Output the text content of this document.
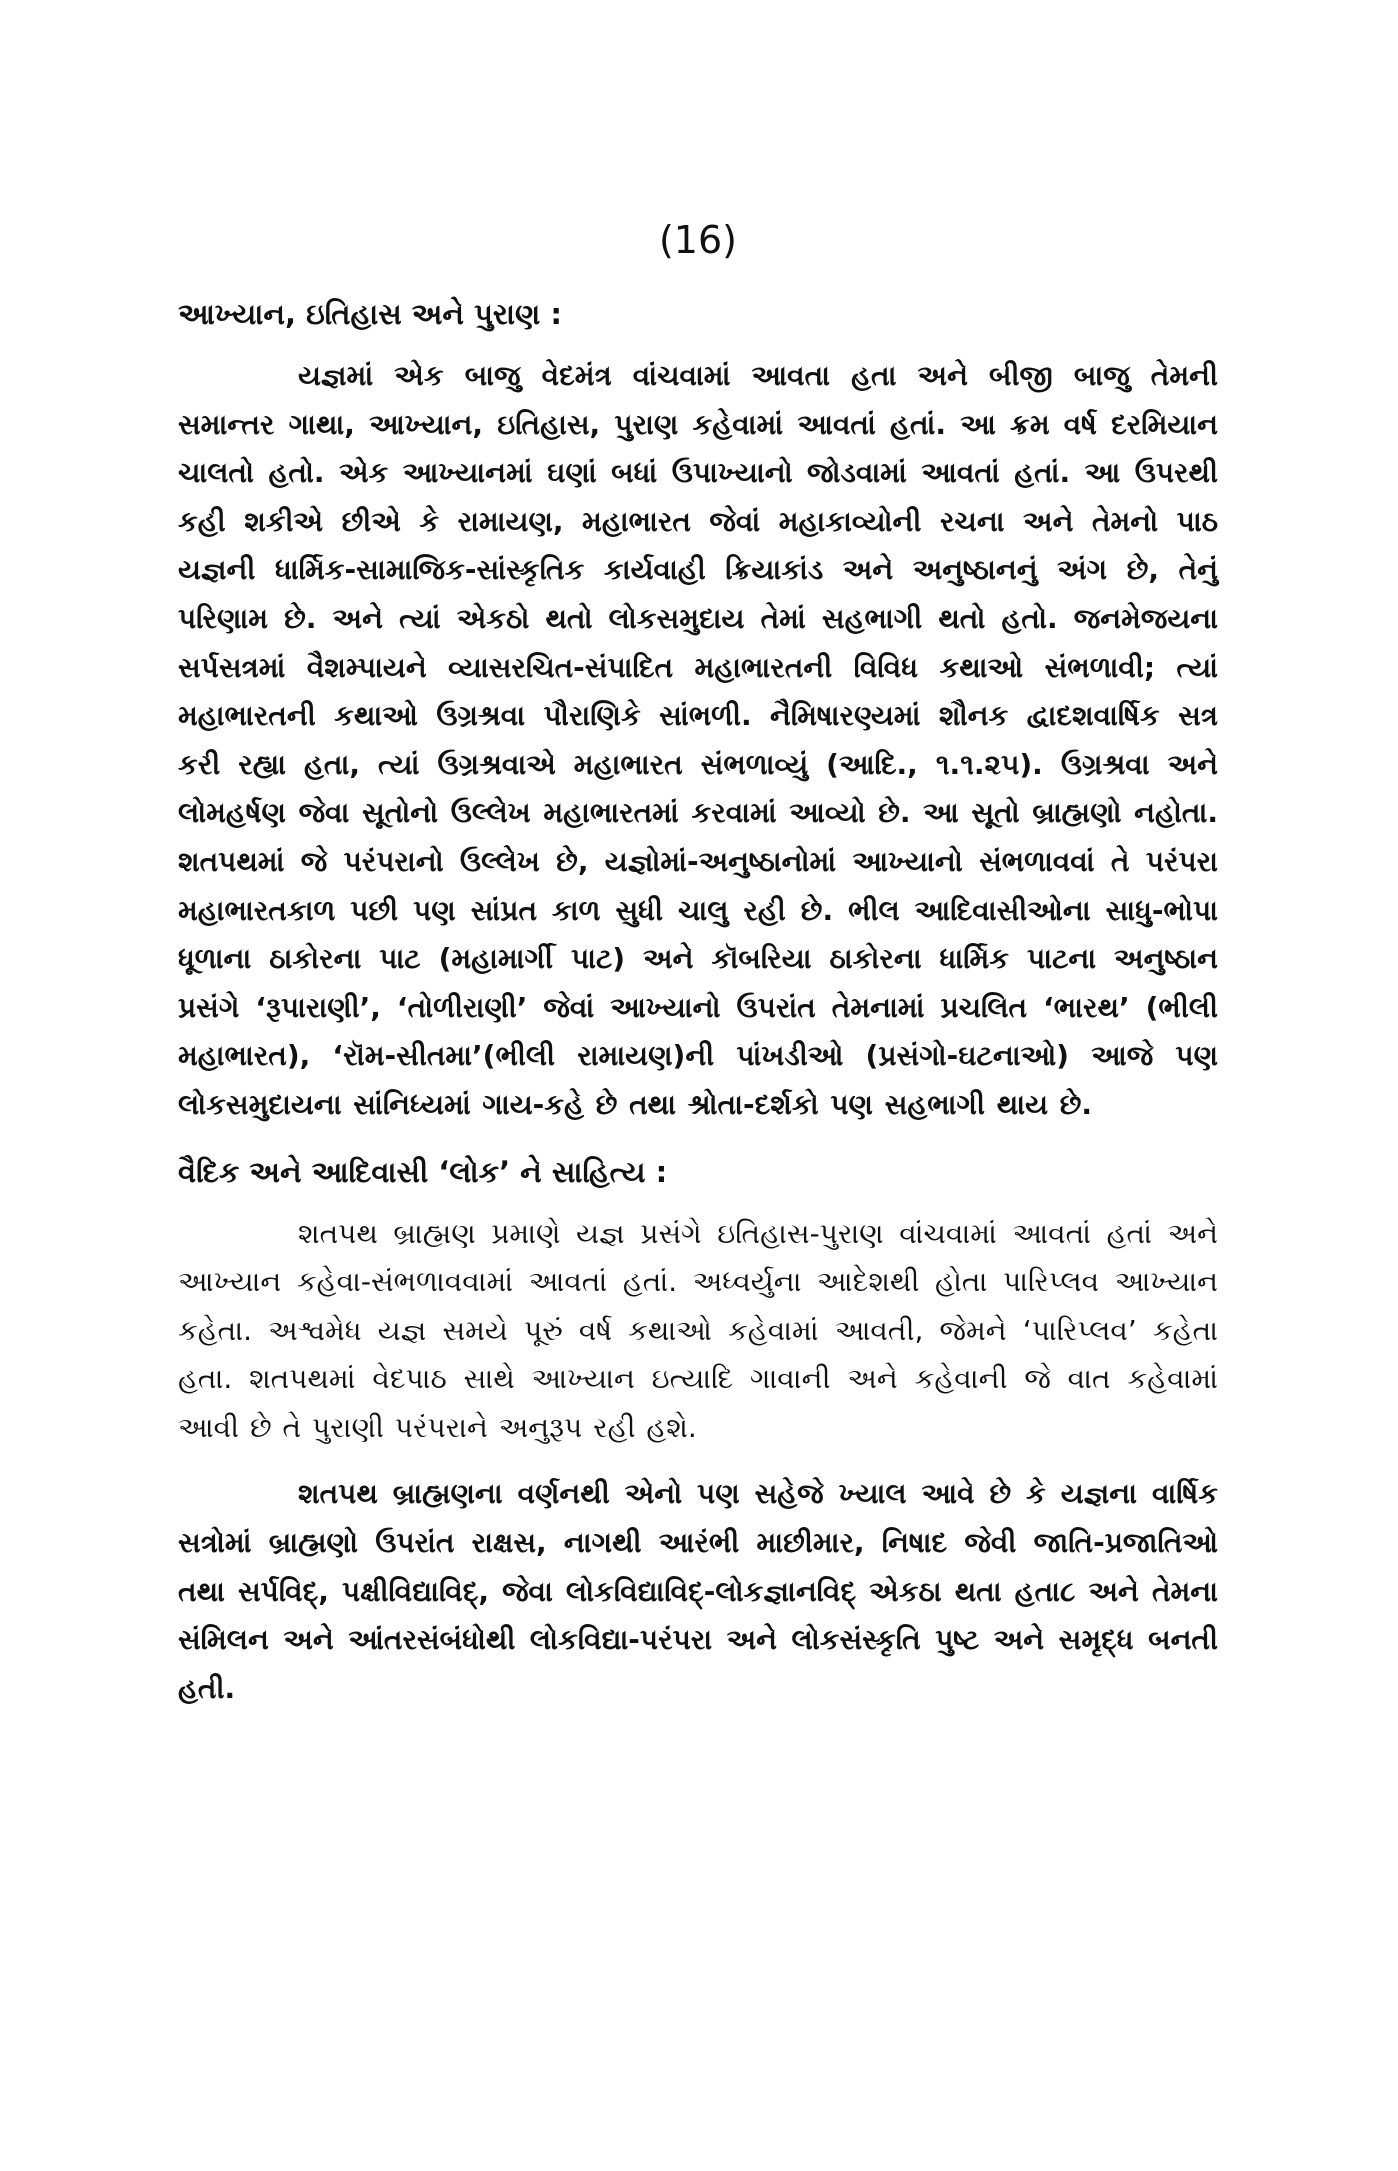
(16)
આખ્યાન, ઇતિહાસ અને પુરાણ :

યજ્ઞમાં એક બાજુ વેદમંત્ર વાંચવામાં આવતા હતા અને બીજી બાજુ તેમની સમાન્તર ગાથા, આખ્યાન, ઇતિહાસ, પુરાણ કહેવામાં આવતાં હતાં. આ ક્રમ વર્ષ દરમિયાન ચાલતો હતો. એક આખ્યાનમાં ઘણાં બધાં ઉપાખ્યાનો જોડવામાં આવતાં હતાં. આ ઉપરથી કહી શકીએ છીએ કે રામાયણ, મહાભારત જેવાં મહાકાવ્યોની રચના અને તેમનો પાઠ યજ્ઞની ધાર્મિક-સામાજિક-સાંસ્કૃતિક કાર્યવાહી ક્રિયાકાંડ અને અનુષ્ઠાનનું અંગ છે, તેનું પરિણામ છે. અને ત્યાં એકઠો થતો લોકસમુદાય તેમાં સહભાગી થતો હતો. જનમેજયના સર્પસત્રમાં વૈશમ્પાયને વ્યાસરચિત-સંપાદિત મહાભારતની વિવિધ કથાઓ સંભળાવી; ત્યાં મહાભારતની કથાઓ ઉગ્રશ્રવા પૌરાણિકે સાંભળી. નૈમિષારણ્યમાં શૌનક દ્વાદશવાર્ષિક સત્ર કરી રહ્યા હતા, ત્યાં ઉગ્રશ્રવાએ મહાભારત સંભળાવ્યું (આદિ., ૧.૧.૨૫). ઉગ્રશ્રવા અને લોમહર્ષણ જેવા સૂતોનો ઉલ્લેખ મહાભારતમાં કરવામાં આવ્યો છે. આ સૂતો બ્રાહ્મણો નહોતા. શતપથમાં જે પરંપરાનો ઉલ્લેખ છે, યજ્ઞોમાં-અનુષ્ઠાનોમાં આખ્યાનો સંભળાવવાં તે પરંપરા મહાભારતકાળ પછી પણ સાંપ્રત કાળ સુધી ચાલુ રહી છે. ભીલ આદિવાસીઓના સાધુ-ભોપા ધૂળાના ઠાકોરના પાટ (મહામાર્ગી પાટ) અને કૉબરિયા ઠાકોરના ધાર્મિક પાટના અનુષ્ઠાન પ્રસંગે ‘રૂપારાણી’, ‘તોળીરાણી’ જેવાં આખ્યાનો ઉપરાંત તેમનામાં પ્રચલિત ‘ભારથ’ (ભીલી મહાભારત), ‘રૉમ-સીતમા’(ભીલી રામાયણ)ની પાંખડીઓ (પ્રસંગો-ઘટનાઓ) આજે પણ લોકસમુદાયના સાંનિધ્યમાં ગાય-કહે છે તથા શ્રોતા-દર્શકો પણ સહભાગી થાય છે.

વૈદિક અને આદિવાસી ‘લોક’ ને સાહિત્ય :

શતપથ બ્રાહ્મણ પ્રમાણે યજ્ઞ પ્રસંગે ઇતિહાસ-પુરાણ વાંચવામાં આવતાં હતાં અને આખ્યાન કહેવા-સંભળાવવામાં આવતાં હતાં. અધ્વર્યુના આદેશથી હોતા પારિપ્લવ આખ્યાન કહેતા. અશ્વમેધ યજ્ઞ સમયે પૂરું વર્ષ કથાઓ કહેવામાં આવતી, જેમને ‘પારિપ્લવ’ કહેતા હતા. શતપથમાં વેદપાઠ સાથે આખ્યાન ઇત્યાદિ ગાવાની અને કહેવાની જે વાત કહેવામાં આવી છે તે પુરાણી પરંપરાને અનુરૂપ રહી હશે.

શતપથ બ્રાહ્મણના વર્ણનથી એનો પણ સહેજે ખ્યાલ આવે છે કે યજ્ઞના વાર્ષિક સત્રોમાં બ્રાહ્મણો ઉપરાંત રાક્ષસ, નાગથી આરંભી માછીમાર, નિષાદ જેવી જાતિ-પ્રજાતિઓ તથા સર્પવિદ્, પક્ષીવિદ્યાવિદ્, જેવા લોકવિદ્યાવિદ્-લોકજ્ઞાનવિદ્ એકઠા થતા હતા૮ અને તેમના સંમિલન અને આંતરસંબંધોથી લોકવિદ્યા-પરંપરા અને લોકસંસ્કૃતિ પુષ્ટ અને સમૃદ્ધ બનતી હતી.
